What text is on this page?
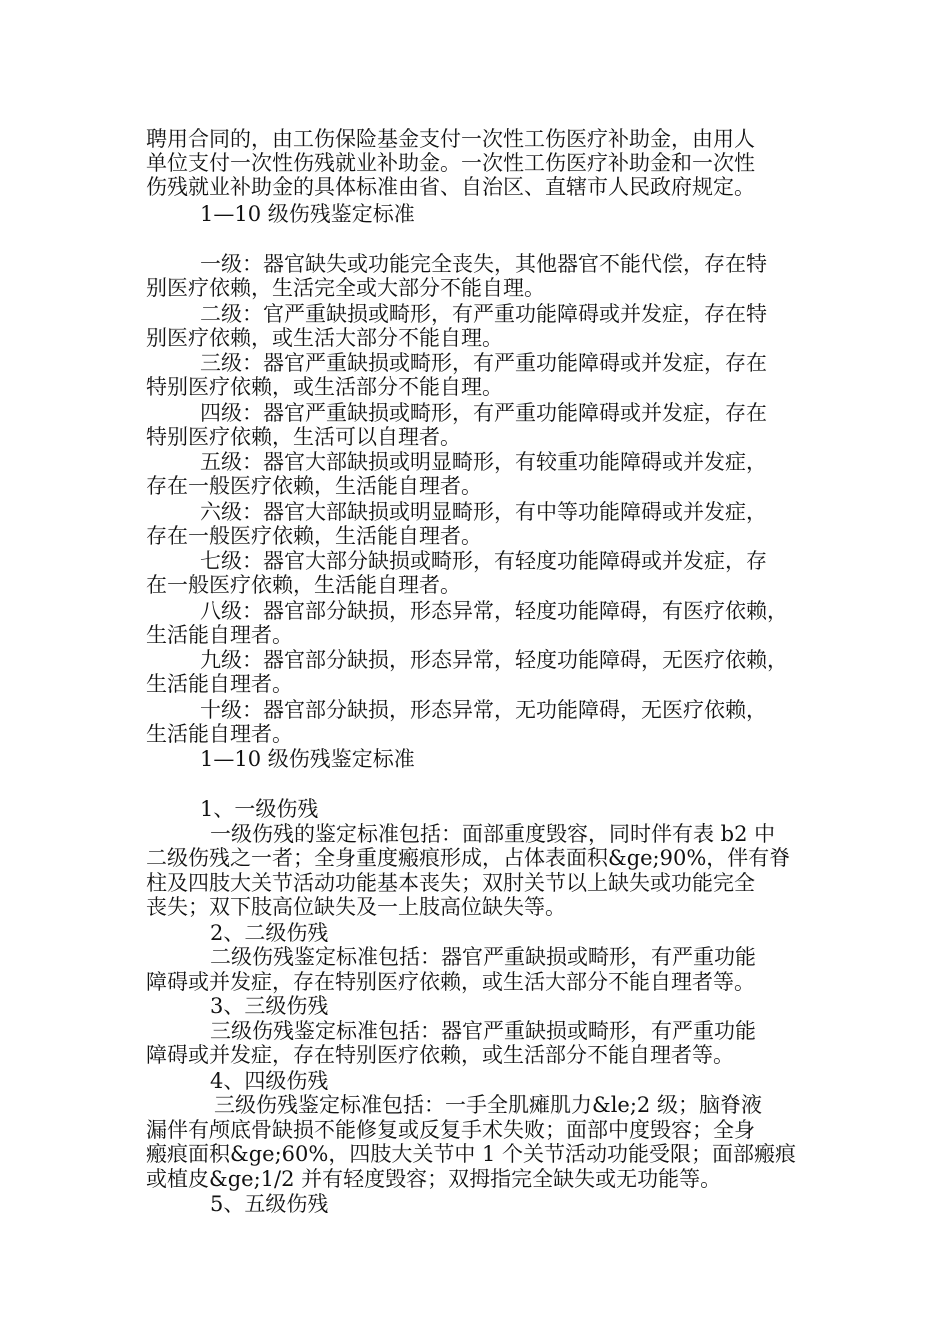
聘用合同的，由工伤保险基金支付一次性工伤医疗补助金，由用人
单位支付一次性伤残就业补助金。一次性工伤医疗补助金和一次性
伤残就业补助金的具体标准由省、自治区、直辖市人民政府规定。
1—10 级伤残鉴定标准
一级：器官缺失或功能完全丧失，其他器官不能代偿，存在特
别医疗依赖，生活完全或大部分不能自理。
二级：官严重缺损或畸形，有严重功能障碍或并发症，存在特
别医疗依赖，或生活大部分不能自理。
三级：器官严重缺损或畸形，有严重功能障碍或并发症，存在
特别医疗依赖，或生活部分不能自理。
四级：器官严重缺损或畸形，有严重功能障碍或并发症，存在
特别医疗依赖，生活可以自理者。
五级：器官大部缺损或明显畸形，有较重功能障碍或并发症，
存在一般医疗依赖，生活能自理者。
六级：器官大部缺损或明显畸形，有中等功能障碍或并发症，
存在一般医疗依赖，生活能自理者。
七级：器官大部分缺损或畸形，有轻度功能障碍或并发症，存
在一般医疗依赖，生活能自理者。
八级：器官部分缺损，形态异常，轻度功能障碍，有医疗依赖，
生活能自理者。
九级：器官部分缺损，形态异常，轻度功能障碍，无医疗依赖，
生活能自理者。
十级：器官部分缺损，形态异常，无功能障碍，无医疗依赖，
生活能自理者。
1—10 级伤残鉴定标准
1、一级伤残
一级伤残的鉴定标准包括：面部重度毁容，同时伴有表 b2 中
二级伤残之一者；全身重度瘢痕形成，占体表面积&ge;90%，伴有脊
柱及四肢大关节活动功能基本丧失；双肘关节以上缺失或功能完全
丧失；双下肢高位缺失及一上肢高位缺失等。
2、二级伤残
二级伤残鉴定标准包括：器官严重缺损或畸形，有严重功能
障碍或并发症，存在特别医疗依赖，或生活大部分不能自理者等。
3、三级伤残
三级伤残鉴定标准包括：器官严重缺损或畸形，有严重功能
障碍或并发症，存在特别医疗依赖，或生活部分不能自理者等。
4、四级伤残
三级伤残鉴定标准包括：一手全肌瘫肌力&le;2 级；脑脊液
漏伴有颅底骨缺损不能修复或反复手术失败；面部中度毁容；全身
瘢痕面积&ge;60%，四肢大关节中 1 个关节活动功能受限；面部瘢痕
或植皮&ge;1/2 并有轻度毁容；双拇指完全缺失或无功能等。
5、五级伤残
